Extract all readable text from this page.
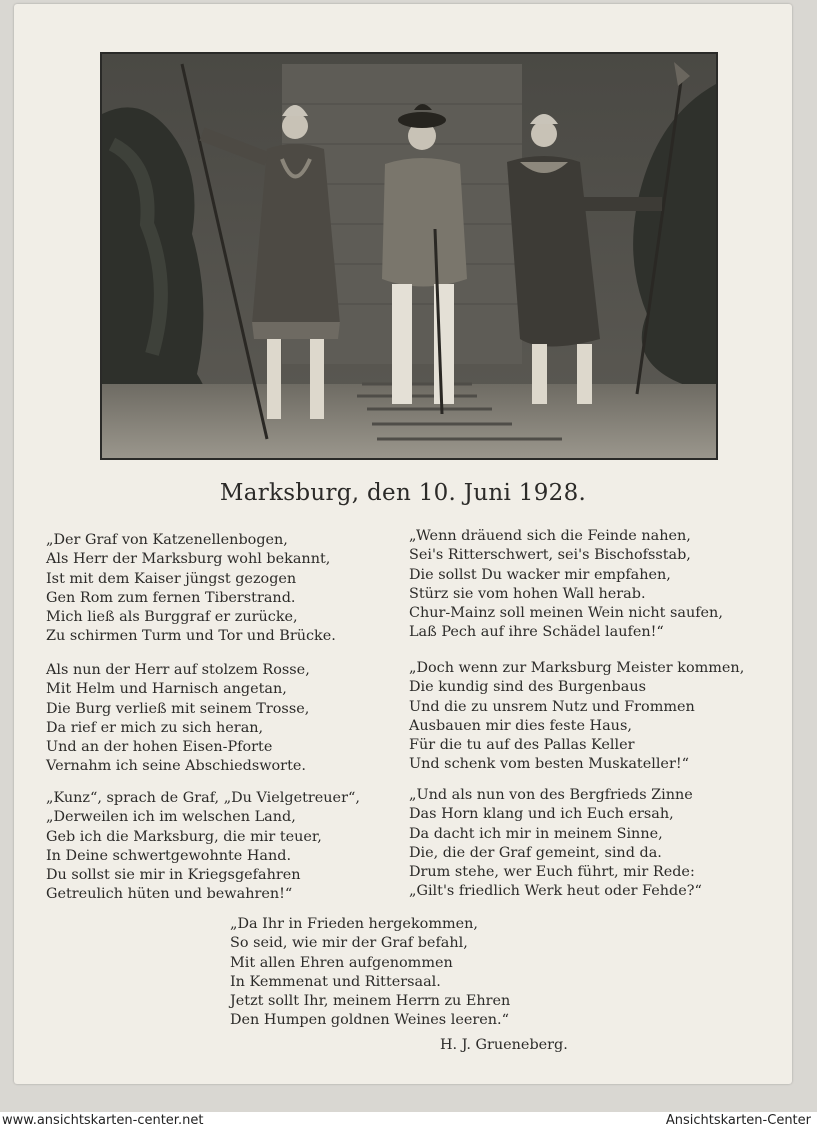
Marksburg, den 10. Juni 1928.
„Der Graf von Katzenellenbogen,
Als Herr der Marksburg wohl bekannt,
Ist mit dem Kaiser jüngst gezogen
Gen Rom zum fernen Tiberstrand.
Mich ließ als Burggraf er zurücke,
Zu schirmen Turm und Tor und Brücke.
„Wenn dräuend sich die Feinde nahen,
Sei's Ritterschwert, sei's Bischofsstab,
Die sollst Du wacker mir empfahen,
Stürz sie vom hohen Wall herab.
Chur-Mainz soll meinen Wein nicht saufen,
Laß Pech auf ihre Schädel laufen!“
Als nun der Herr auf stolzem Rosse,
Mit Helm und Harnisch angetan,
Die Burg verließ mit seinem Trosse,
Da rief er mich zu sich heran,
Und an der hohen Eisen-Pforte
Vernahm ich seine Abschiedsworte.
„Doch wenn zur Marksburg Meister kommen,
Die kundig sind des Burgenbaus
Und die zu unsrem Nutz und Frommen
Ausbauen mir dies feste Haus,
Für die tu auf des Pallas Keller
Und schenk vom besten Muskateller!“
„Kunz“, sprach de Graf, „Du Vielgetreuer“,
„Derweilen ich im welschen Land,
Geb ich die Marksburg, die mir teuer,
In Deine schwertgewohnte Hand.
Du sollst sie mir in Kriegsgefahren
Getreulich hüten und bewahren!“
„Und als nun von des Bergfrieds Zinne
Das Horn klang und ich Euch ersah,
Da dacht ich mir in meinem Sinne,
Die, die der Graf gemeint, sind da.
Drum stehe, wer Euch führt, mir Rede:
„Gilt's friedlich Werk heut oder Fehde?“
„Da Ihr in Frieden hergekommen,
So seid, wie mir der Graf befahl,
Mit allen Ehren aufgenommen
In Kemmenat und Rittersaal.
Jetzt sollt Ihr, meinem Herrn zu Ehren
Den Humpen goldnen Weines leeren.“
H. J. Grueneberg.
www.ansichtskarten-center.net	Ansichtskarten-Center
